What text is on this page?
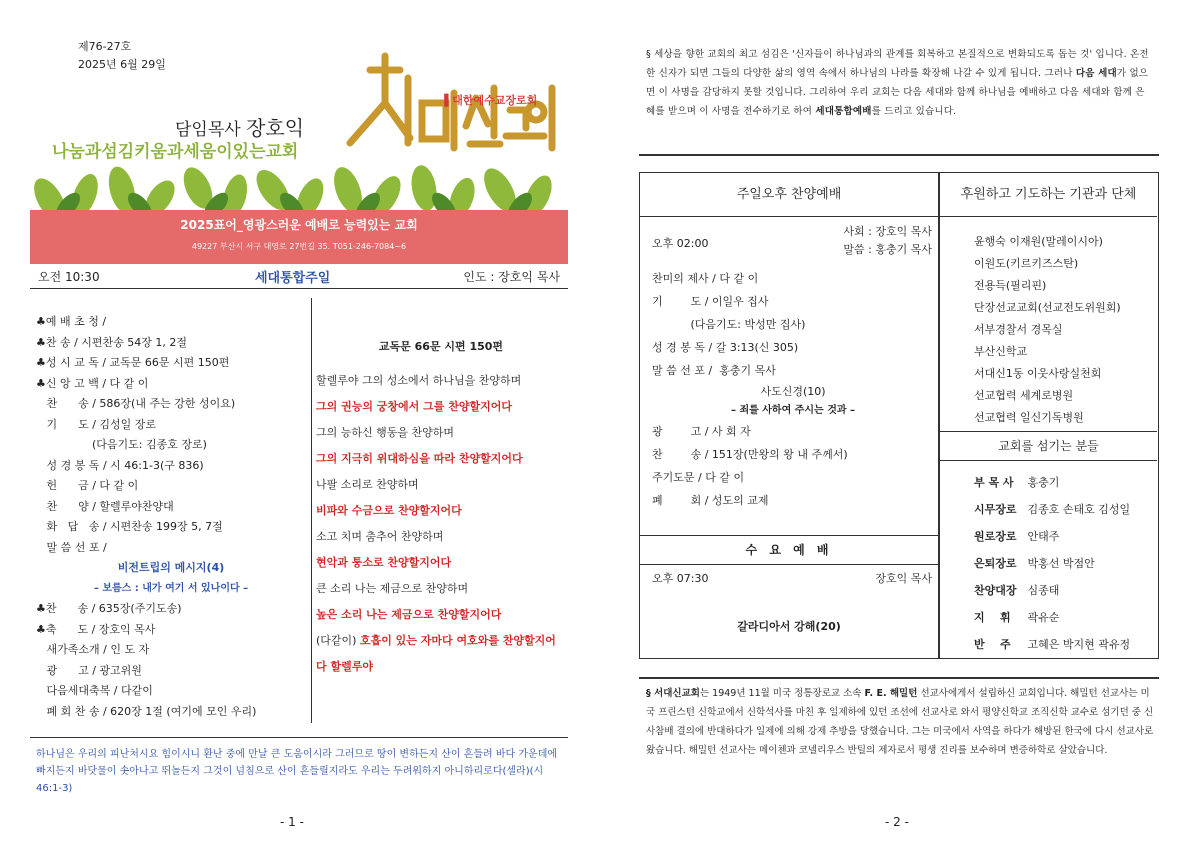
제76-27호
2025년 6월 29일
담임목사 장호익
나눔과섬김키움과세움이있는교회
▐ 대한예수교장로회
2025표어_영광스러운 예배로 능력있는 교회
49227 부산시 서구 대영로 27번길 35. T051-246-7084~6
오전 10:30	세대통합주일	인도 : 장호익 목사
♣예 배 초 청 /
♣찬 송 / 시편찬송 54장 1, 2절
♣성 시 교 독 / 교독문 66문 시편 150편
♣신 앙 고 백 / 다 같 이
찬      송 / 586장(내 주는 강한 성이요)
기      도 / 김성일 장로
(다음기도: 김종호 장로)
성 경 봉 독 / 시 46:1-3(구 836)
헌      금 / 다 같 이
찬      양 / 할렐루야찬양대
화   답   송 / 시편찬송 199장 5, 7절
말 씀 선 포 /
비전트립의 메시지(4)
– 보름스 : 내가 여기 서 있나이다 –
♣찬      송 / 635장(주기도송)
♣축      도 / 장호익 목사
새가족소개 / 인 도 자
광      고 / 광고위원
다음세대축복 / 다같이
폐 회 찬 송 / 620장 1절 (여기에 모인 우리)
교독문 66문 시편 150편
할렐루야 그의 성소에서 하나님을 찬양하며
그의 권능의 궁창에서 그를 찬양할지어다
그의 능하신 행동을 찬양하며
그의 지극히 위대하심을 따라 찬양할지어다
나팔 소리로 찬양하며
비파와 수금으로 찬양할지어다
소고 치며 춤추어 찬양하며
현악과 퉁소로 찬양할지어다
큰 소리 나는 제금으로 찬양하며
높은 소리 나는 제금으로 찬양할지어다
(다같이) 호흡이 있는 자마다 여호와를 찬양할지어다 할렐루야
하나님은 우리의 피난처시요 힘이시니 환난 중에 만날 큰 도움이시라 그러므로 땅이 변하든지 산이 흔들려 바다 가운데에 빠지든지 바닷물이 솟아나고 뛰놀든지 그것이 넘침으로 산이 흔들릴지라도 우리는 두려워하지 아니하리로다(셀라)(시 46:1-3)
- 1 -
§ 세상을 향한 교회의 최고 섬김은 '신자들이 하나님과의 관계를 회복하고 본질적으로 변화되도록 돕는 것' 입니다. 온전한 신자가 되면 그들의 다양한 삶의 영역 속에서 하나님의 나라를 확장해 나갈 수 있게 됩니다. 그러나 다음 세대가 없으면 이 사명을 감당하지 못할 것입니다. 그리하여 우리 교회는 다음 세대와 함께 하나님을 예배하고 다음 세대와 함께 은혜를 받으며 이 사명을 전수하기로 하여 세대통합예배를 드리고 있습니다.
주일오후 찬양예배	후원하고 기도하는 기관과 단체
오후 02:00
사회 : 장호익 목사
말씀 : 홍충기 목사
찬미의 제사 / 다 같 이
기        도 / 이일우 집사
(다음기도: 박성만 집사)
성 경 봉 독 / 갈 3:13(신 305)
말 씀 선 포 /  홍충기 목사
사도신경(10)
– 죄를 사하여 주시는 것과 –
광        고 / 사 회 자
찬        송 / 151장(만왕의 왕 내 주께서)
주기도문 / 다 같 이
폐        회 / 성도의 교제
수 요 예 배
오후 07:30	장호익 목사
갈라디아서 강해(20)
윤행숙 이재원(말레이시아)
이원도(키르키즈스탄)
전용득(필리핀)
단장선교교회(선교전도위원회)
서부경찰서 경목실
부산신학교
서대신1동 이웃사랑실천회
선교협력 세계로병원
선교협력 일신기독병원
교회를 섬기는 분들
부 목 사 홍충기
시무장로 김종호 손태호 김성일
원로장로 안태주
은퇴장로 박홍선 박점안
찬양대장 심종태
지    휘 곽유순
반    주 고혜은 박지현 곽유정
§ 서대신교회는 1949년 11월 미국 정통장로교 소속 F. E. 해밀턴 선교사에게서 설립하신 교회입니다. 해밀턴 선교사는 미국 프린스턴 신학교에서 신학석사를 마친 후 일제하에 있던 조선에 선교사로 와서 평양신학교 조직신학 교수로 섬기던 중 신사참배 결의에 반대하다가 일제에 의해 강제 추방을 당했습니다. 그는 미국에서 사역을 하다가 해방된 한국에 다시 선교사로 왔습니다. 해밀턴 선교사는 메이첸과 코넬리우스 반틸의 제자로서 평생 진리를 보수하며 변증하학로 살았습니다.
- 2 -
